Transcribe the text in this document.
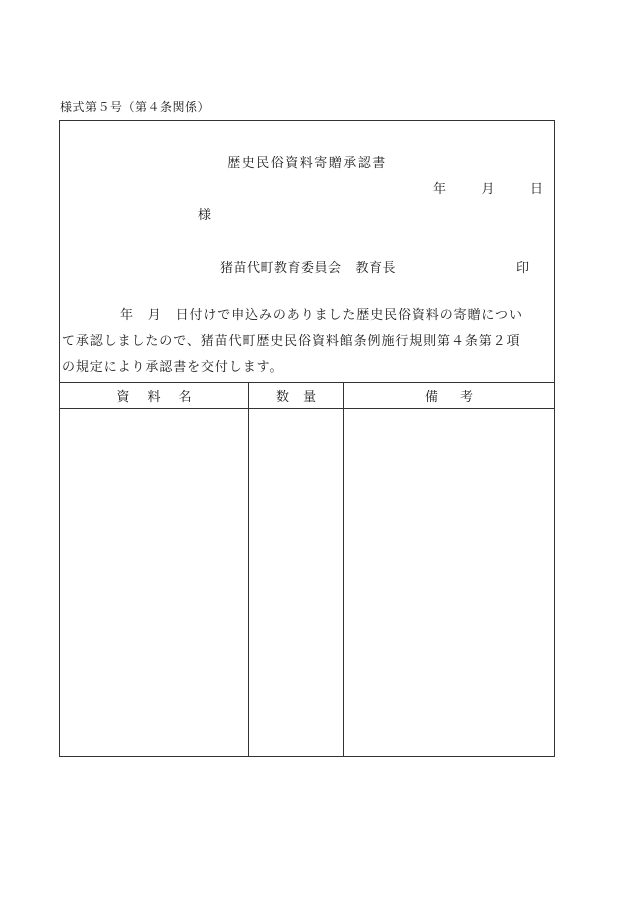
様式第５号（第４条関係）
歴史民俗資料寄贈承認書
年	月	日
様
猪苗代町教育委員会 教育長	印
年　月　日付けで申込みのありました歴史民俗資料の寄贈につい
て承認しましたので、猪苗代町歴史民俗資料館条例施行規則第４条第２項
の規定により承認書を交付します。
資料名	数量	備考
